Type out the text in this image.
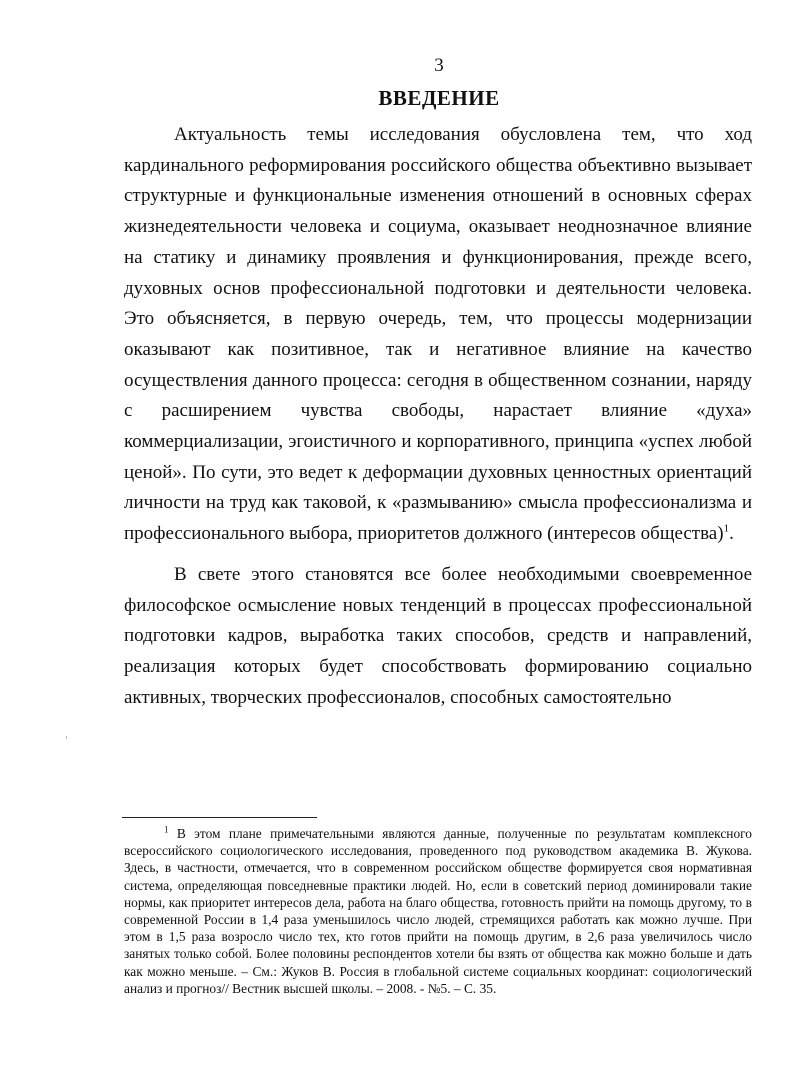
3
ВВЕДЕНИЕ

Актуальность темы исследования обусловлена тем, что ход кардинального реформирования российского общества объективно вызывает структурные и функциональные изменения отношений в основных сферах жизнедеятельности человека и социума, оказывает неоднозначное влияние на статику и динамику проявления и функционирования, прежде всего, духовных основ профессиональной подготовки и деятельности человека. Это объясняется, в первую очередь, тем, что процессы модернизации оказывают как позитивное, так и негативное влияние на качество осуществления данного процесса: сегодня в общественном сознании, наряду с расширением чувства свободы, нарастает влияние «духа» коммерциализации, эгоистичного и корпоративного, принципа «успех любой ценой». По сути, это ведет к деформации духовных ценностных ориентаций личности на труд как таковой, к «размыванию» смысла профессионализма и профессионального выбора, приоритетов должного (интересов общества)$^1$.

В свете этого становятся все более необходимыми своевременное философское осмысление новых тенденций в процессах профессиональной подготовки кадров, выработка таких способов, средств и направлений, реализация которых будет способствовать формированию социально активных, творческих профессионалов, способных самостоятельно

$^1$ В этом плане примечательными являются данные, полученные по результатам комплексного всероссийского социологического исследования, проведенного под руководством академика В. Жукова. Здесь, в частности, отмечается, что в современном российском обществе формируется своя нормативная система, определяющая повседневные практики людей. Но, если в советский период доминировали такие нормы, как приоритет интересов дела, работа на благо общества, готовность прийти на помощь другому, то в современной России в 1,4 раза уменьшилось число людей, стремящихся работать как можно лучше. При этом в 1,5 раза возросло число тех, кто готов прийти на помощь другим, в 2,6 раза увеличилось число занятых только собой. Более половины респондентов хотели бы взять от общества как можно больше и дать как можно меньше. – См.: Жуков В. Россия в глобальной системе социальных координат: социологический анализ и прогноз// Вестник высшей школы. – 2008. - №5. – С. 35.
